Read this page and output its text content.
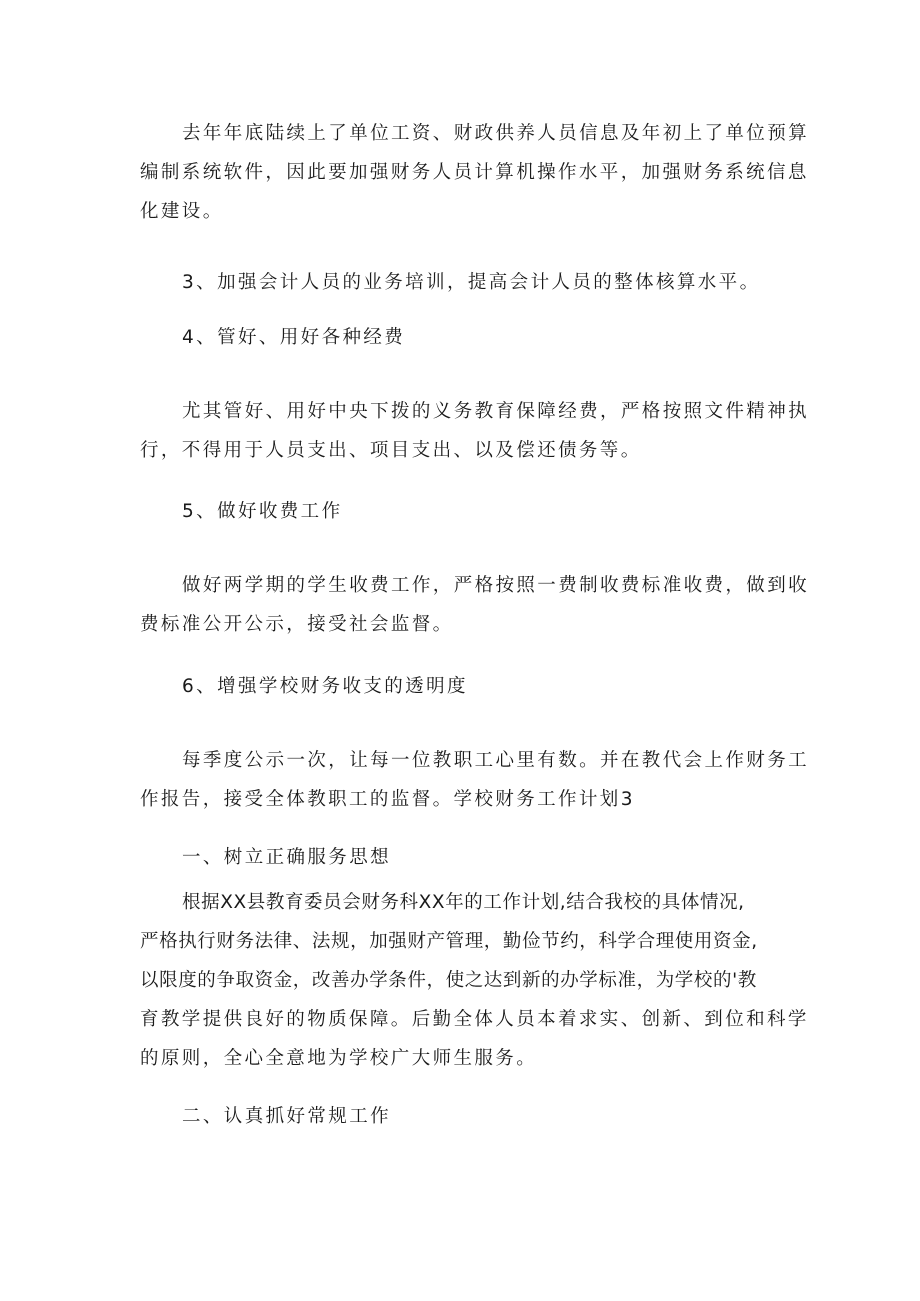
去年年底陆续上了单位工资、财政供养人员信息及年初上了单位预算
编制系统软件，因此要加强财务人员计算机操作水平，加强财务系统信息
化建设。
3、加强会计人员的业务培训，提高会计人员的整体核算水平。
4、管好、用好各种经费
尤其管好、用好中央下拨的义务教育保障经费，严格按照文件精神执
行，不得用于人员支出、项目支出、以及偿还债务等。
5、做好收费工作
做好两学期的学生收费工作，严格按照一费制收费标准收费，做到收
费标准公开公示，接受社会监督。
6、增强学校财务收支的透明度
每季度公示一次，让每一位教职工心里有数。并在教代会上作财务工
作报告，接受全体教职工的监督。学校财务工作计划3
一、树立正确服务思想
根据XX县教育委员会财务科XX年的工作计划,结合我校的具体情况,
严格执行财务法律、法规，加强财产管理，勤俭节约，科学合理使用资金,
以限度的争取资金，改善办学条件，使之达到新的办学标准，为学校的'教
育教学提供良好的物质保障。后勤全体人员本着求实、创新、到位和科学
的原则，全心全意地为学校广大师生服务。
二、认真抓好常规工作
